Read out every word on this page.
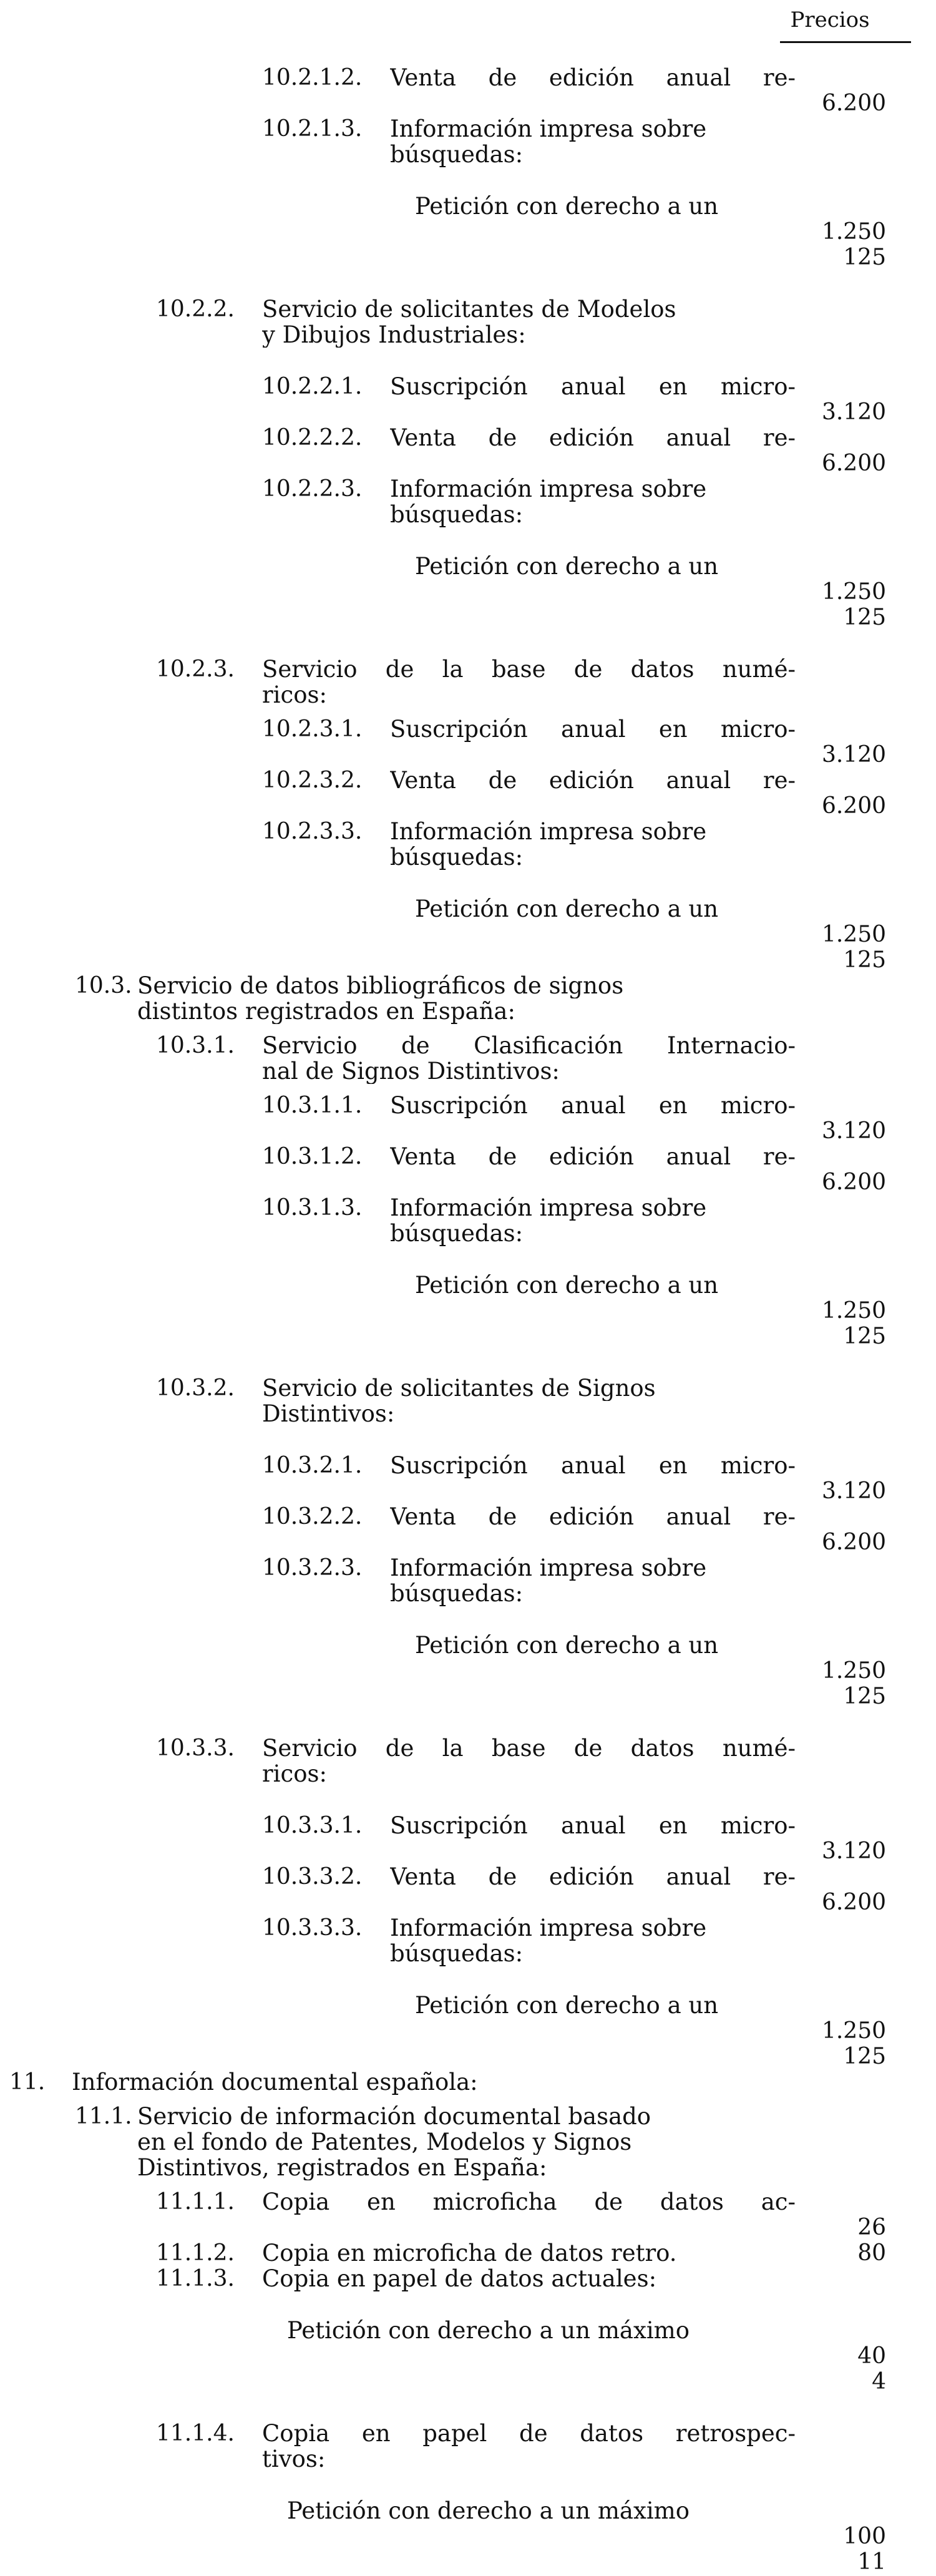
Precios
10.2.1.2. Venta de edición anual re-
6.200
10.2.1.3. Información impresa sobre
búsquedas:
Petición con derecho a un
1.250
125
10.2.2. Servicio de solicitantes de Modelos
y Dibujos Industriales:
10.2.2.1. Suscripción anual en micro-
3.120
10.2.2.2. Venta de edición anual re-
6.200
10.2.2.3. Información impresa sobre
búsquedas:
Petición con derecho a un
1.250
125
10.2.3. Servicio de la base de datos numé-
ricos:
10.2.3.1. Suscripción anual en micro-
3.120
10.2.3.2. Venta de edición anual re-
6.200
10.2.3.3. Información impresa sobre
búsquedas:
Petición con derecho a un
1.250
125
10.3. Servicio de datos bibliográficos de signos
distintos registrados en España:
10.3.1. Servicio de Clasificación Internacio-
nal de Signos Distintivos:
10.3.1.1. Suscripción anual en micro-
3.120
10.3.1.2. Venta de edición anual re-
6.200
10.3.1.3. Información impresa sobre
búsquedas:
Petición con derecho a un
1.250
125
10.3.2. Servicio de solicitantes de Signos
Distintivos:
10.3.2.1. Suscripción anual en micro-
3.120
10.3.2.2. Venta de edición anual re-
6.200
10.3.2.3. Información impresa sobre
búsquedas:
Petición con derecho a un
1.250
125
10.3.3. Servicio de la base de datos numé-
ricos:
10.3.3.1. Suscripción anual en micro-
3.120
10.3.3.2. Venta de edición anual re-
6.200
10.3.3.3. Información impresa sobre
búsquedas:
Petición con derecho a un
1.250
125
11. Información documental española:
11.1. Servicio de información documental basado
en el fondo de Patentes, Modelos y Signos
Distintivos, registrados en España:
11.1.1. Copia en microficha de datos ac-
26
11.1.2. Copia en microficha de datos retro.	80
11.1.3. Copia en papel de datos actuales:
Petición con derecho a un máximo
40
4
11.1.4. Copia en papel de datos retrospec-
tivos:
Petición con derecho a un máximo
100
11
